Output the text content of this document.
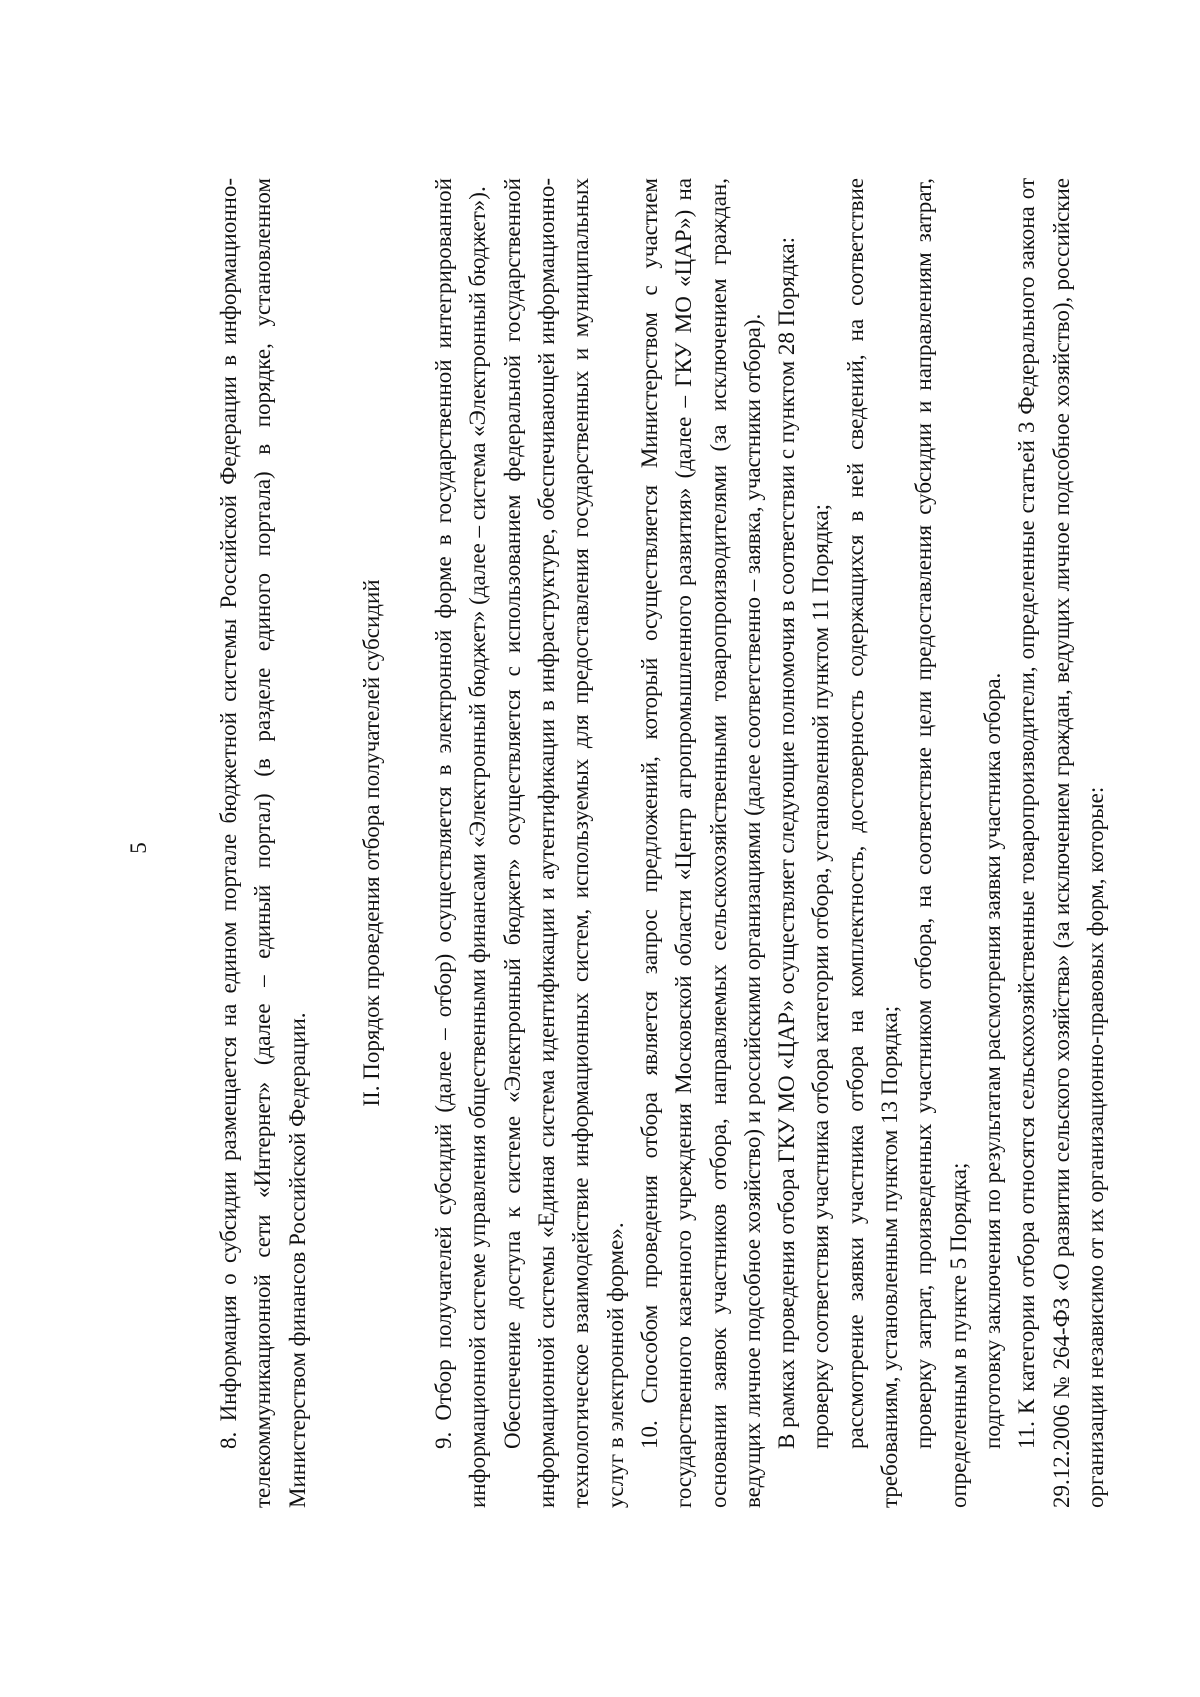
5	8. Информация о субсидии размещается на едином портале бюджетной системы Российской Федерации в информационно-телекоммуникационной сети «Интернет» (далее – единый портал) (в разделе единого портала) в порядке, установленном Министерством финансов Российской Федерации.

II. Порядок проведения отбора получателей субсидий 9. Отбор получателей субсидий (далее – отбор) осуществляется в электронной форме в государственной интегрированной информационной системе управления общественными финансами «Электронный бюджет» (далее – система «Электронный бюджет»). Обеспечение доступа к системе «Электронный бюджет» осуществляется с использованием федеральной государственной информационной системы «Единая система идентификации и аутентификации в инфраструктуре, обеспечивающей информационно-технологическое взаимодействие информационных систем, используемых для предоставления государственных и муниципальных услуг в электронной форме». 10. Способом проведения отбора является запрос предложений, который осуществляется Министерством с участием государственного казенного учреждения Московской области «Центр агропромышленного развития» (далее – ГКУ МО «ЦАР») на основании заявок участников отбора, направляемых сельскохозяйственными товаропроизводителями (за исключением граждан, ведущих личное подсобное хозяйство) и российскими организациями (далее соответственно – заявка, участники отбора). В рамках проведения отбора ГКУ МО «ЦАР» осуществляет следующие полномочия в соответствии с пунктом 28 Порядка: проверку соответствия участника отбора категории отбора, установленной пунктом 11 Порядка; рассмотрение заявки участника отбора на комплектность, достоверность содержащихся в ней сведений, на соответствие требованиям, установленным пунктом 13 Порядка; проверку затрат, произведенных участником отбора, на соответствие цели предоставления субсидии и направлениям затрат, определенным в пункте 5 Порядка; подготовку заключения по результатам рассмотрения заявки участника отбора. 11. К категории отбора относятся сельскохозяйственные товаропроизводители, определенные статьей 3 Федерального закона от 29.12.2006 № 264-ФЗ «О развитии сельского хозяйства» (за исключением граждан, ведущих личное подсобное хозяйство), российские организации независимо от их организационно-правовых форм, которые:
